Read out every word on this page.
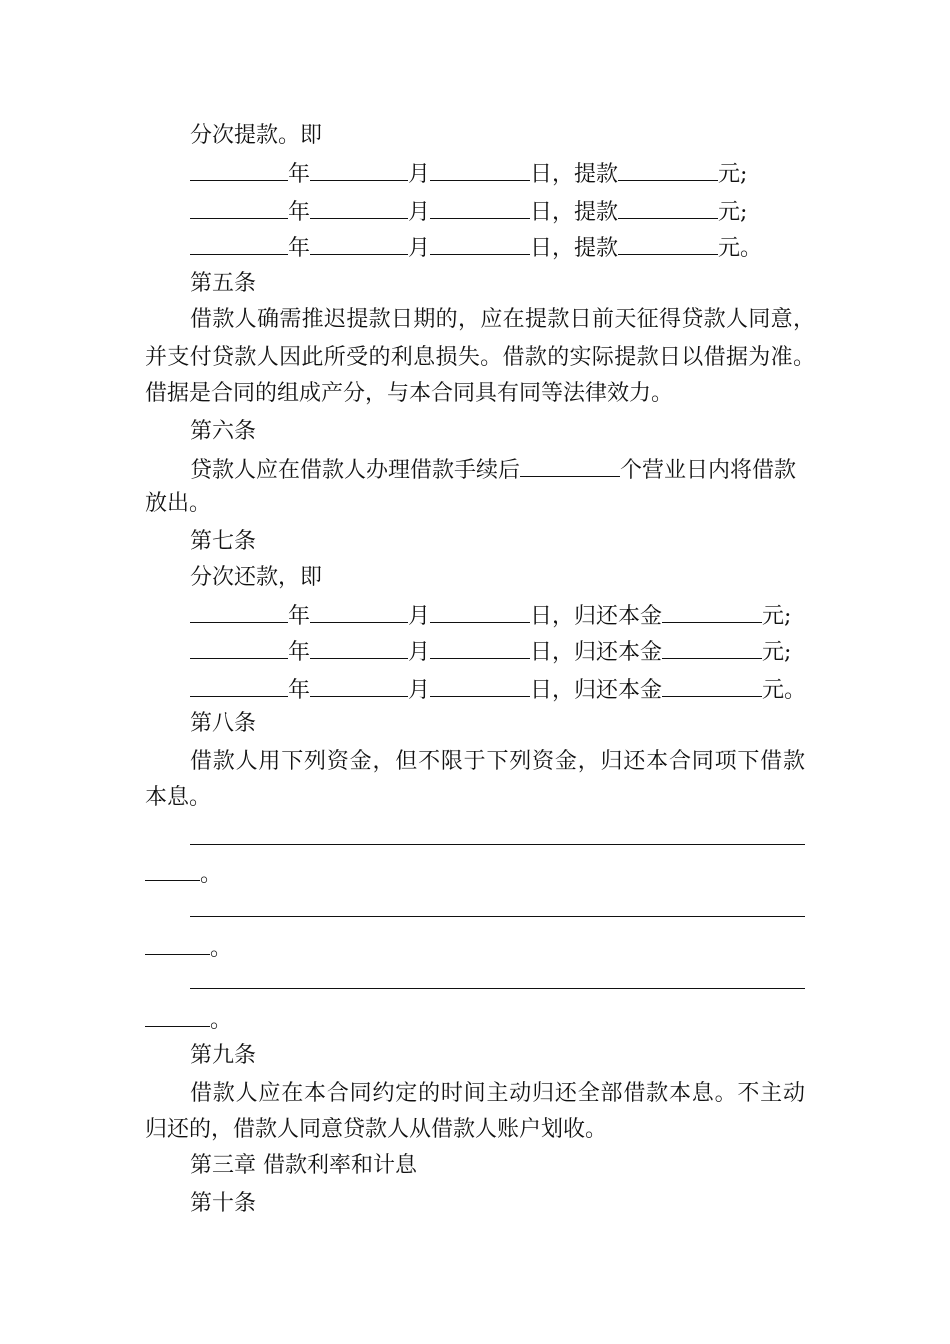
分次提款。即
年	月	日，提款	元;
年	月	日，提款	元;
年	月	日，提款	元。
第五条
借款人确需推迟提款日期的，应在提款日前天征得贷款人同意，
并支付贷款人因此所受的利息损失。借款的实际提款日以借据为准。
借据是合同的组成产分，与本合同具有同等法律效力。
第六条
贷款人应在借款人办理借款手续后	个营业日内将借款
放出。
第七条
分次还款，即
年	月	日，归还本金	元;
年	月	日，归还本金	元;
年	月	日，归还本金	元。
第八条
借款人用下列资金，但不限于下列资金，归还本合同项下借款
本息。
。
。
。
第九条
借款人应在本合同约定的时间主动归还全部借款本息。不主动
归还的，借款人同意贷款人从借款人账户划收。
第三章 借款利率和计息
第十条
